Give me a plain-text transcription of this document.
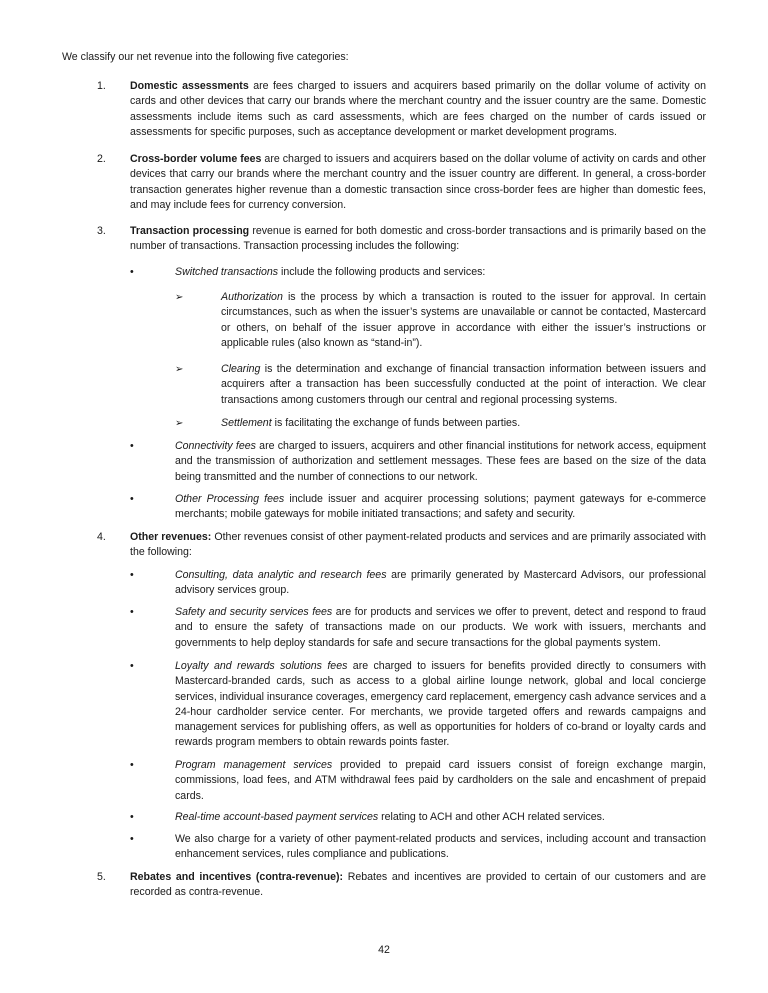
We classify our net revenue into the following five categories:

1.	Domestic assessments are fees charged to issuers and acquirers based primarily on the dollar volume of activity on cards and other devices that carry our brands where the merchant country and the issuer country are the same. Domestic assessments include items such as card assessments, which are fees charged on the number of cards issued or assessments for specific purposes, such as acceptance development or market development programs.

2.	Cross-border volume fees are charged to issuers and acquirers based on the dollar volume of activity on cards and other devices that carry our brands where the merchant country and the issuer country are different. In general, a cross-border transaction generates higher revenue than a domestic transaction since cross-border fees are higher than domestic fees, and may include fees for currency conversion.

3.	Transaction processing revenue is earned for both domestic and cross-border transactions and is primarily based on the number of transactions. Transaction processing includes the following:

•	Switched transactions include the following products and services:

➢	Authorization is the process by which a transaction is routed to the issuer for approval. In certain circumstances, such as when the issuer’s systems are unavailable or cannot be contacted, Mastercard or others, on behalf of the issuer approve in accordance with either the issuer’s instructions or applicable rules (also known as “stand-in”).

➢	Clearing is the determination and exchange of financial transaction information between issuers and acquirers after a transaction has been successfully conducted at the point of interaction. We clear transactions among customers through our central and regional processing systems.

➢	Settlement is facilitating the exchange of funds between parties.

•	Connectivity fees are charged to issuers, acquirers and other financial institutions for network access, equipment and the transmission of authorization and settlement messages. These fees are based on the size of the data being transmitted and the number of connections to our network.

•	Other Processing fees include issuer and acquirer processing solutions; payment gateways for e-commerce merchants; mobile gateways for mobile initiated transactions; and safety and security.

4.	Other revenues: Other revenues consist of other payment-related products and services and are primarily associated with the following:

•	Consulting, data analytic and research fees are primarily generated by Mastercard Advisors, our professional advisory services group.

•	Safety and security services fees are for products and services we offer to prevent, detect and respond to fraud and to ensure the safety of transactions made on our products. We work with issuers, merchants and governments to help deploy standards for safe and secure transactions for the global payments system.

•	Loyalty and rewards solutions fees are charged to issuers for benefits provided directly to consumers with Mastercard-branded cards, such as access to a global airline lounge network, global and local concierge services, individual insurance coverages, emergency card replacement, emergency cash advance services and a 24-hour cardholder service center. For merchants, we provide targeted offers and rewards campaigns and management services for publishing offers, as well as opportunities for holders of co-brand or loyalty cards and rewards program members to obtain rewards points faster.

•	Program management services provided to prepaid card issuers consist of foreign exchange margin, commissions, load fees, and ATM withdrawal fees paid by cardholders on the sale and encashment of prepaid cards.

•	Real-time account-based payment services relating to ACH and other ACH related services.

•	We also charge for a variety of other payment-related products and services, including account and transaction enhancement services, rules compliance and publications.

5.	Rebates and incentives (contra-revenue): Rebates and incentives are provided to certain of our customers and are recorded as contra-revenue.

42
